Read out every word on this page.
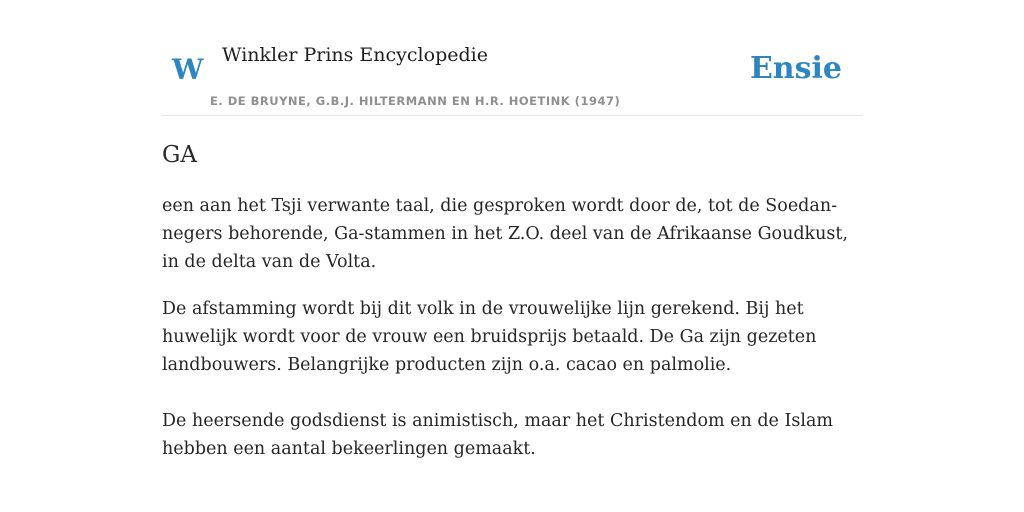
W Winkler Prins Encyclopedie
E. DE BRUYNE, G.B.J. HILTERMANN EN H.R. HOETINK (1947)
Ensie
GA

een aan het Tsji verwante taal, die gesproken wordt door de, tot de Soedan-negers behorende, Ga-stammen in het Z.O. deel van de Afrikaanse Goudkust, in de delta van de Volta.

De afstamming wordt bij dit volk in de vrouwelijke lijn gerekend. Bij het huwelijk wordt voor de vrouw een bruidsprijs betaald. De Ga zijn gezeten landbouwers. Belangrijke producten zijn o.a. cacao en palmolie.

De heersende godsdienst is animistisch, maar het Christendom en de Islam hebben een aantal bekeerlingen gemaakt.
